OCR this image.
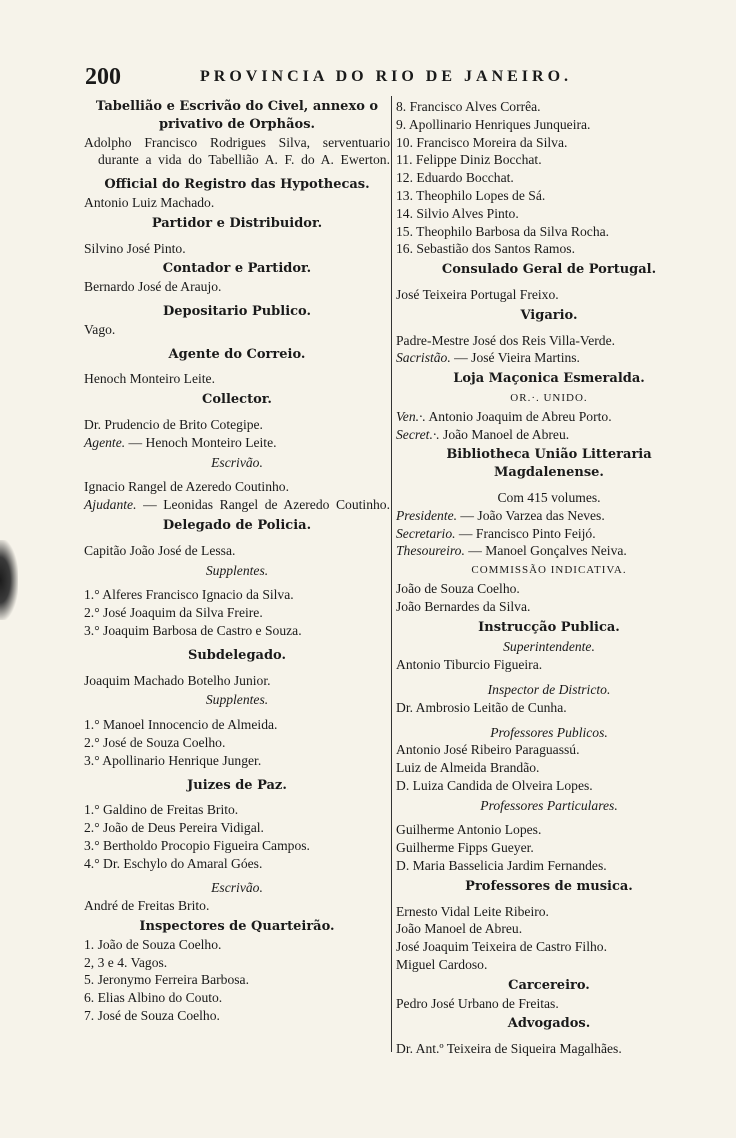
200	PROVINCIA DO RIO DE JANEIRO.
Tabellião e Escrivão do Civel, annexo o privativo de Orphãos.
Adolpho Francisco Rodrigues Silva, serventuario durante a vida do Tabellião A. F. do A. Ewerton.
Official do Registro das Hypothecas.
Antonio Luiz Machado.
Partidor e Distribuidor.
Silvino José Pinto.
Contador e Partidor.
Bernardo José de Araujo.
Depositario Publico.
Vago.
Agente do Correio.
Henoch Monteiro Leite.
Collector.
Dr. Prudencio de Brito Cotegipe.
Agente. — Henoch Monteiro Leite.
Escrivão.
Ignacio Rangel de Azeredo Coutinho.
Ajudante. — Leonidas Rangel de Azeredo Coutinho.
Delegado de Policia.
Capitão João José de Lessa.
Supplentes.
1.° Alferes Francisco Ignacio da Silva.
2.° José Joaquim da Silva Freire.
3.° Joaquim Barbosa de Castro e Souza.
Subdelegado.
Joaquim Machado Botelho Junior.
Supplentes.
1.° Manoel Innocencio de Almeida.
2.° José de Souza Coelho.
3.° Apollinario Henrique Junger.
Juizes de Paz.
1.° Galdino de Freitas Brito.
2.° João de Deus Pereira Vidigal.
3.° Bertholdo Procopio Figueira Campos.
4.° Dr. Eschylo do Amaral Góes.
Escrivão.
André de Freitas Brito.
Inspectores de Quarteirão.
1. João de Souza Coelho.
2, 3 e 4. Vagos.
5. Jeronymo Ferreira Barbosa.
6. Elias Albino do Couto.
7. José de Souza Coelho.
8. Francisco Alves Corrêa.
9. Apollinario Henriques Junqueira.
10. Francisco Moreira da Silva.
11. Felippe Diniz Bocchat.
12. Eduardo Bocchat.
13. Theophilo Lopes de Sá.
14. Silvio Alves Pinto.
15. Theophilo Barbosa da Silva Rocha.
16. Sebastião dos Santos Ramos.
Consulado Geral de Portugal.
José Teixeira Portugal Freixo.
Vigario.
Padre-Mestre José dos Reis Villa-Verde.
Sacristão. — José Vieira Martins.
Loja Maçonica Esmeralda.
OR.·. UNIDO.
Ven.·. Antonio Joaquim de Abreu Porto.
Secret.·. João Manoel de Abreu.
Bibliotheca União Litteraria Magdalenense.
Com 415 volumes.
Presidente. — João Varzea das Neves.
Secretario. — Francisco Pinto Feijó.
Thesoureiro. — Manoel Gonçalves Neiva.
COMMISSÃO INDICATIVA.
João de Souza Coelho.
João Bernardes da Silva.
Instrucção Publica.
Superintendente.
Antonio Tiburcio Figueira.
Inspector de Districto.
Dr. Ambrosio Leitão de Cunha.
Professores Publicos.
Antonio José Ribeiro Paraguassú.
Luiz de Almeida Brandão.
D. Luiza Candida de Olveira Lopes.
Professores Particulares.
Guilherme Antonio Lopes.
Guilherme Fipps Gueyer.
D. Maria Basselicia Jardim Fernandes.
Professores de musica.
Ernesto Vidal Leite Ribeiro.
João Manoel de Abreu.
José Joaquim Teixeira de Castro Filho.
Miguel Cardoso.
Carcereiro.
Pedro José Urbano de Freitas.
Advogados.
Dr. Ant.º Teixeira de Siqueira Magalhães.
